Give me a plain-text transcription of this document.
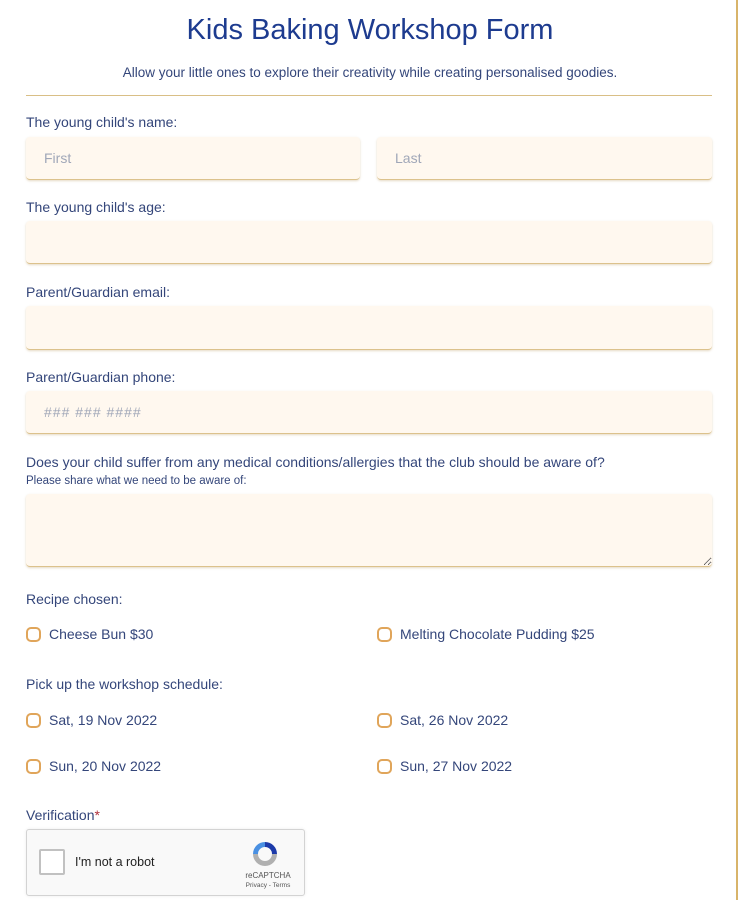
Kids Baking Workshop Form
Allow your little ones to explore their creativity while creating personalised goodies.
The young child's name:
First
Last
The young child's age:
Parent/Guardian email:
Parent/Guardian phone:
### ### ####
Does your child suffer from any medical conditions/allergies that the club should be aware of?
Please share what we need to be aware of:
Recipe chosen:
Cheese Bun $30	Melting Chocolate Pudding $25
Pick up the workshop schedule:
Sat, 19 Nov 2022	Sat, 26 Nov 2022
Sun, 20 Nov 2022	Sun, 27 Nov 2022
Verification*
I'm not a robot
reCAPTCHA
Privacy - Terms
